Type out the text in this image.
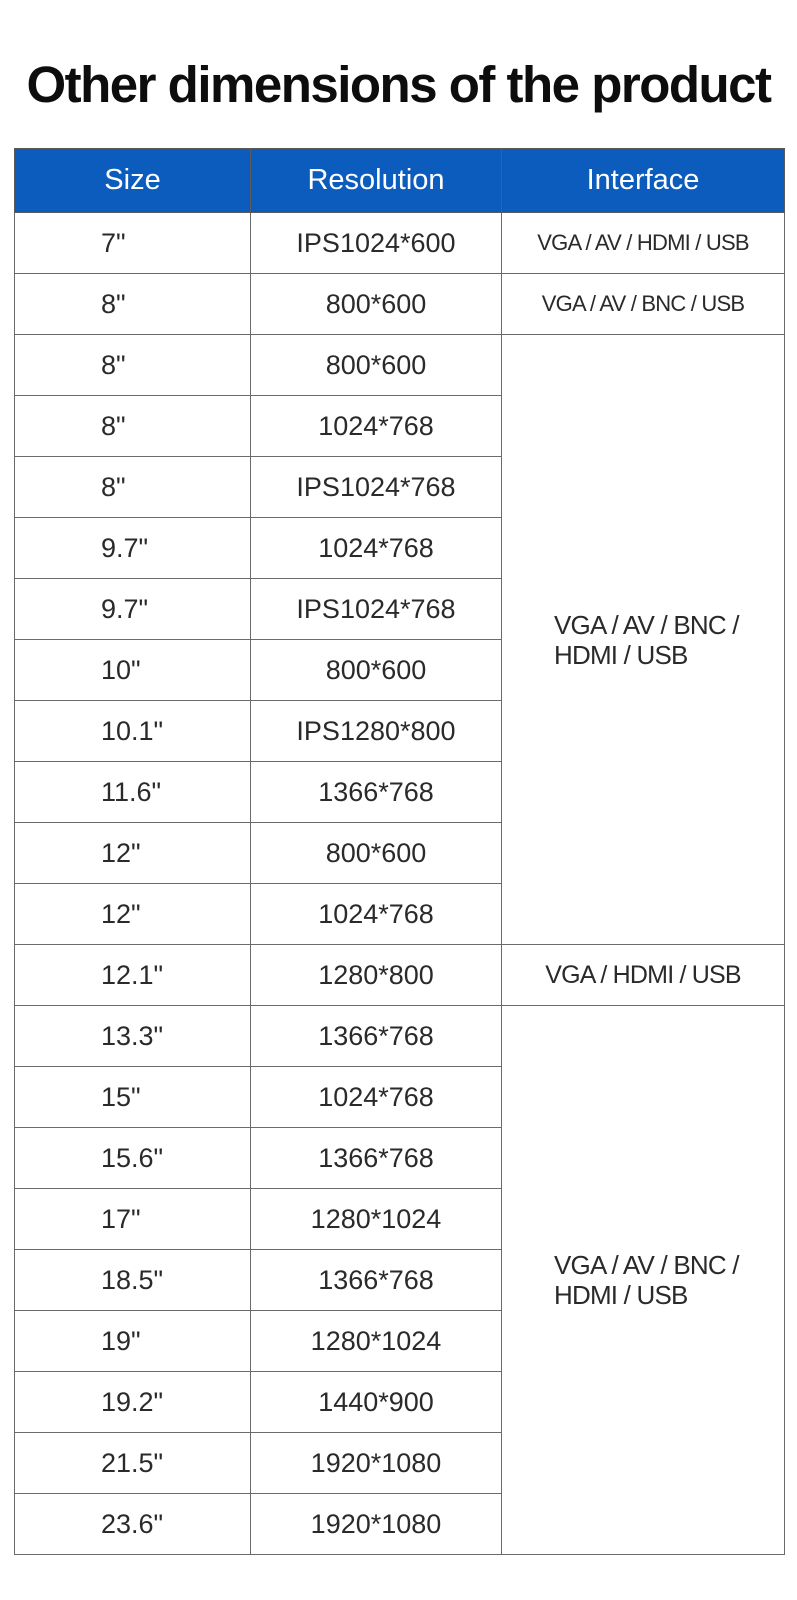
Other dimensions of the product
Size	Resolution	Interface
7"	IPS1024*600	VGA / AV / HDMI / USB
8"	800*600	VGA / AV / BNC / USB
8"	800*600	VGA / AV / BNC /
HDMI / USB

8"	1024*768	
8"	IPS1024*768	
9.7"	1024*768	
9.7"	IPS1024*768	
10"	800*600	
10.1"	IPS1280*800	
11.6"	1366*768	
12"	800*600	
12"	1024*768	
12.1"	1280*800	VGA / HDMI / USB
13.3"	1366*768	VGA / AV / BNC /
HDMI / USB

15"	1024*768	
15.6"	1366*768	
17"	1280*1024	
18.5"	1366*768	
19"	1280*1024	
19.2"	1440*900	
21.5"	1920*1080	
23.6"	1920*1080	
